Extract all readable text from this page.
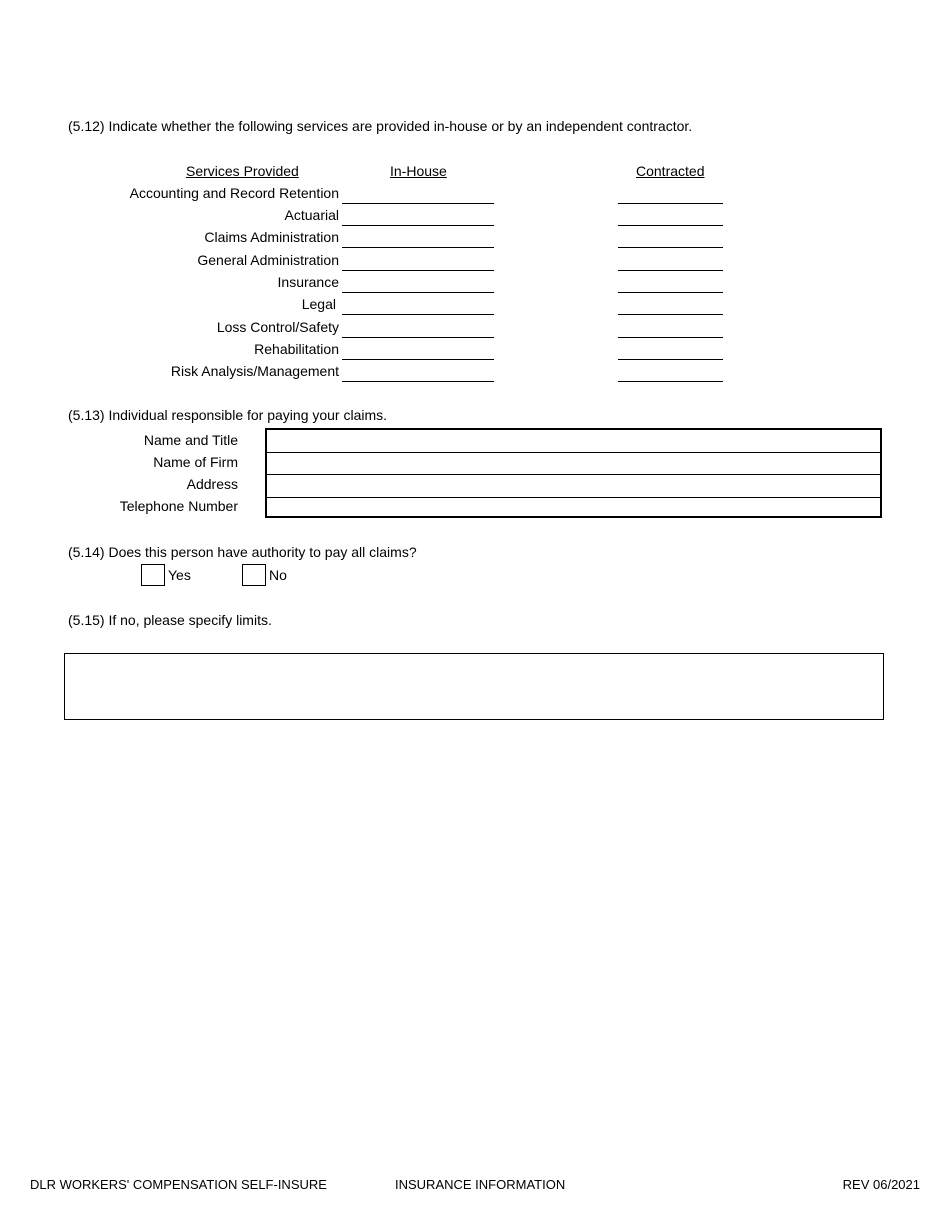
(5.12) Indicate whether the following services are provided in-house or by an independent contractor.
Services Provided	In-House	Contracted
Accounting and Record Retention
Actuarial
Claims Administration
General Administration
Insurance
Legal
Loss Control/Safety
Rehabilitation
Risk Analysis/Management
(5.13) Individual responsible for paying your claims.
Name and Title
Name of Firm
Address
Telephone Number
(5.14) Does this person have authority to pay all claims?
Yes	No
(5.15) If no, please specify limits.
DLR WORKERS' COMPENSATION SELF-INSURE	INSURANCE INFORMATION	REV 06/2021
